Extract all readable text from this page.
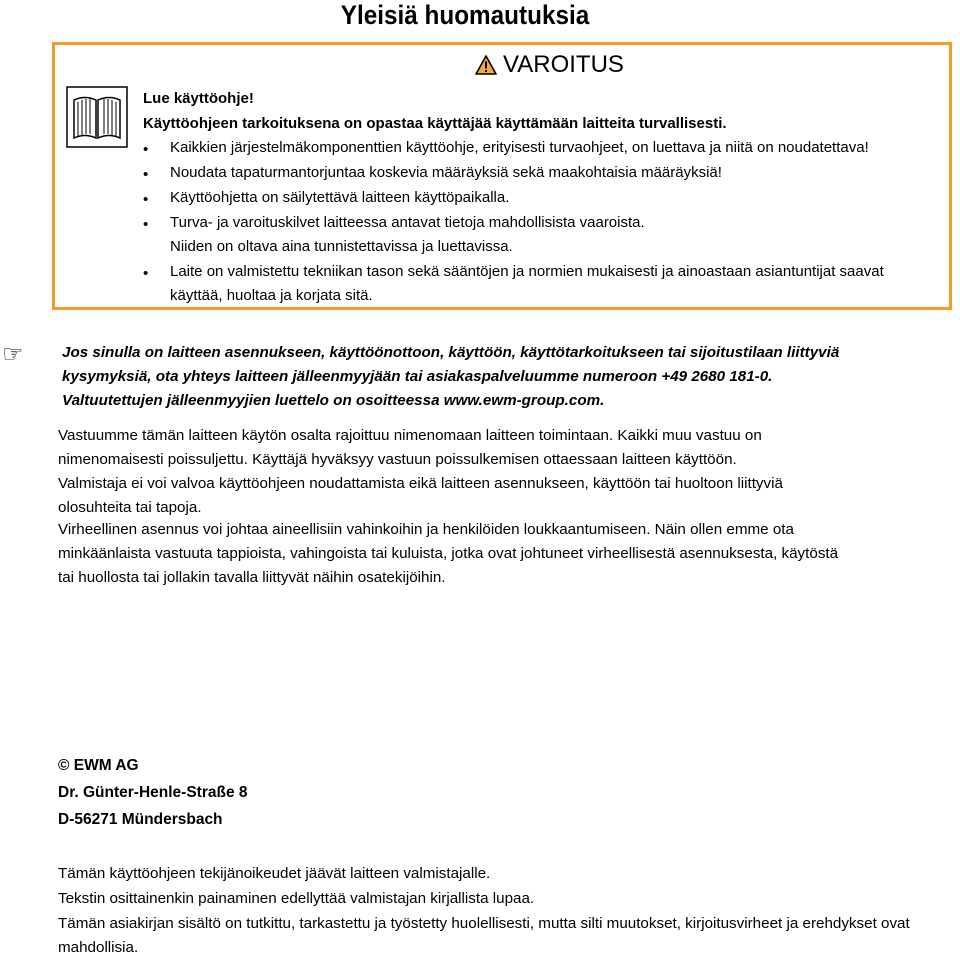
Yleisiä huomautuksia
VAROITUS
Lue käyttöohje!
Käyttöohjeen tarkoituksena on opastaa käyttäjää käyttämään laitteita turvallisesti.
• Kaikkien järjestelmäkomponenttien käyttöohje, erityisesti turvaohjeet, on luettava ja niitä on noudatettava!
• Noudata tapaturmantorjuntaa koskevia määräyksiä sekä maakohtaisia määräyksiä!
• Käyttöohjetta on säilytettävä laitteen käyttöpaikalla.
• Turva- ja varoituskilvet laitteessa antavat tietoja mahdollisista vaaroista.
Niiden on oltava aina tunnistettavissa ja luettavissa.
• Laite on valmistettu tekniikan tason sekä sääntöjen ja normien mukaisesti ja ainoastaan asiantuntijat saavat
käyttää, huoltaa ja korjata sitä.
☞	Jos sinulla on laitteen asennukseen, käyttöönottoon, käyttöön, käyttötarkoitukseen tai sijoitustilaan liittyviä
kysymyksiä, ota yhteys laitteen jälleenmyyjään tai asiakaspalveluumme numeroon +49 2680 181-0.
Valtuutettujen jälleenmyyjien luettelo on osoitteessa www.ewm-group.com.
Vastuumme tämän laitteen käytön osalta rajoittuu nimenomaan laitteen toimintaan. Kaikki muu vastuu on
nimenomaisesti poissuljettu. Käyttäjä hyväksyy vastuun poissulkemisen ottaessaan laitteen käyttöön.
Valmistaja ei voi valvoa käyttöohjeen noudattamista eikä laitteen asennukseen, käyttöön tai huoltoon liittyviä
olosuhteita tai tapoja.
Virheellinen asennus voi johtaa aineellisiin vahinkoihin ja henkilöiden loukkaantumiseen. Näin ollen emme ota
minkäänlaista vastuuta tappioista, vahingoista tai kuluista, jotka ovat johtuneet virheellisestä asennuksesta, käytöstä
tai huollosta tai jollakin tavalla liittyvät näihin osatekijöihin.
© EWM AG
Dr. Günter-Henle-Straße 8
D-56271 Mündersbach
Tämän käyttöohjeen tekijänoikeudet jäävät laitteen valmistajalle.
Tekstin osittainenkin painaminen edellyttää valmistajan kirjallista lupaa.
Tämän asiakirjan sisältö on tutkittu, tarkastettu ja työstetty huolellisesti, mutta silti muutokset, kirjoitusvirheet ja erehdykset ovat
mahdollisia.
